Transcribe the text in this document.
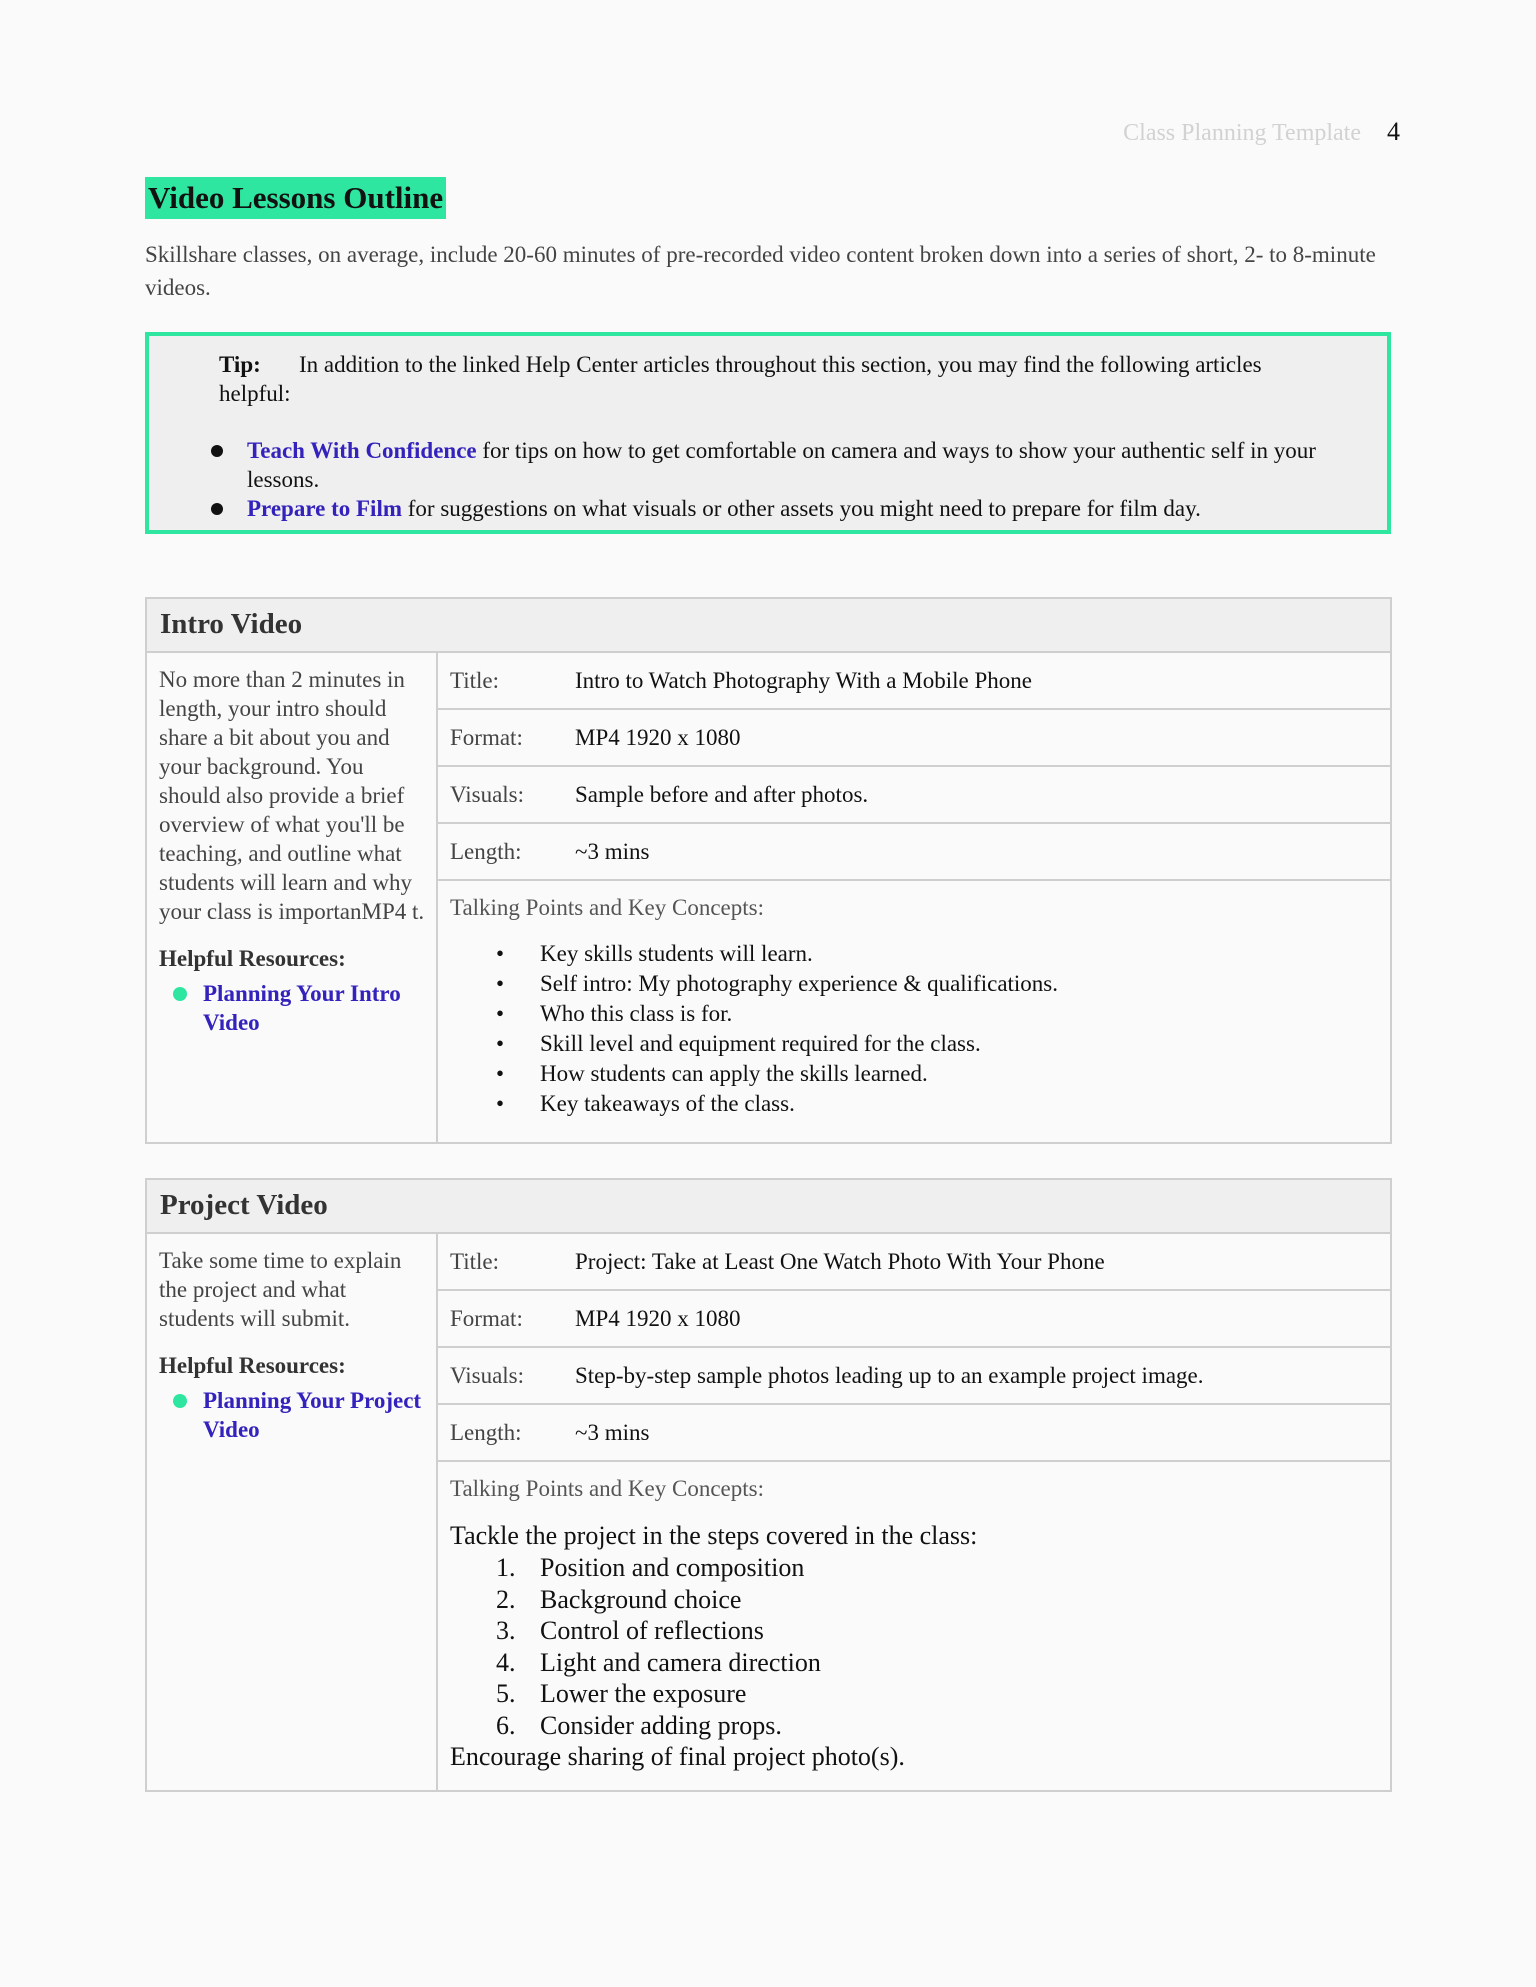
Class Planning Template 4
Video Lessons Outline

Skillshare classes, on average, include 20-60 minutes of pre-recorded video content broken down into a series of short, 2- to 8-minute videos.

Tip: In addition to the linked Help Center articles throughout this section, you may find the following articles helpful:
Teach With Confidence for tips on how to get comfortable on camera and ways to show your authentic self in your lessons.
Prepare to Film for suggestions on what visuals or other assets you might need to prepare for film day.
Intro Video

No more than 2 minutes in length, your intro should share a bit about you and your background. You should also provide a brief overview of what you'll be teaching, and outline what students will learn and why your class is importanMP4 t.

Helpful Resources:
Planning Your Intro Video
Title:	Intro to Watch Photography With a Mobile Phone
Format:	MP4 1920 x 1080
Visuals:	Sample before and after photos.
Length:	~3 mins
Talking Points and Key Concepts:
• Key skills students will learn.
• Self intro: My photography experience & qualifications.
• Who this class is for.
• Skill level and equipment required for the class.
• How students can apply the skills learned.
• Key takeaways of the class.
Project Video

Take some time to explain the project and what students will submit.

Helpful Resources:
Planning Your Project Video
Title:	Project: Take at Least One Watch Photo With Your Phone
Format:	MP4 1920 x 1080
Visuals:	Step-by-step sample photos leading up to an example project image.
Length:	~3 mins
Talking Points and Key Concepts:
Tackle the project in the steps covered in the class:
1. Position and composition
2. Background choice
3. Control of reflections
4. Light and camera direction
5. Lower the exposure
6. Consider adding props.
Encourage sharing of final project photo(s).
